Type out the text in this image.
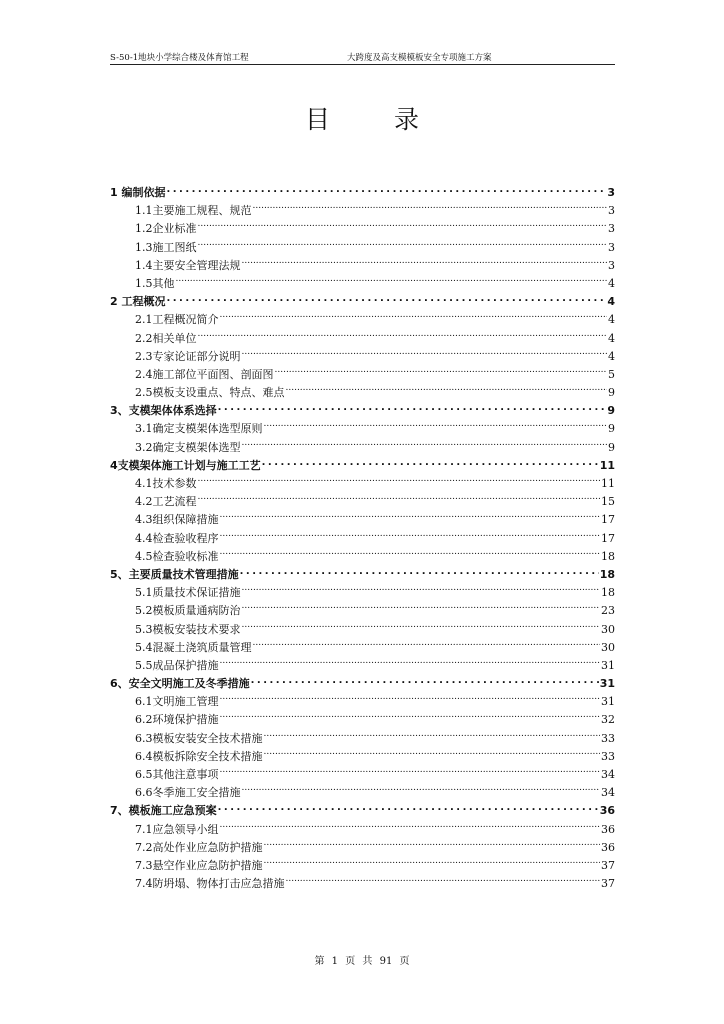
S-50-1地块小学综合楼及体育馆工程	大跨度及高支模模板安全专项施工方案
目 录
1 编制依据 . . .	3
1.1主要施工规程、规范 .....	3
1.2企业标准 .....	3
1.3施工图纸 .....	3
1.4主要安全管理法规 .....	3
1.5其他 .....	4
2 工程概况 . . .	4
2.1工程概况简介 .....	4
2.2相关单位 .....	4
2.3专家论证部分说明 .....	4
2.4施工部位平面图、剖面图 .....	5
2.5模板支设重点、特点、难点 .....	9
3、支模架体体系选择 . . .	9
3.1确定支模架体选型原则 .....	9
3.2确定支模架体选型 .....	9
4支模架体施工计划与施工工艺 . . .	11
4.1技术参数 .....	11
4.2工艺流程 .....	15
4.3组织保障措施 .....	17
4.4检查验收程序 .....	17
4.5检查验收标准 .....	18
5、主要质量技术管理措施 . . .	18
5.1质量技术保证措施 .....	18
5.2模板质量通病防治 .....	23
5.3模板安装技术要求 .....	30
5.4混凝土浇筑质量管理 .....	30
5.5成品保护措施 .....	31
6、安全文明施工及冬季措施 . . .	31
6.1文明施工管理 .....	31
6.2环境保护措施 .....	32
6.3模板安装安全技术措施 .....	33
6.4模板拆除安全技术措施 .....	33
6.5其他注意事项 .....	34
6.6冬季施工安全措施 .....	34
7、模板施工应急预案 . . .	36
7.1应急领导小组 .....	36
7.2高处作业应急防护措施 .....	36
7.3悬空作业应急防护措施 .....	37
7.4防坍塌、物体打击应急措施 .....	37
第 1 页 共 91 页
